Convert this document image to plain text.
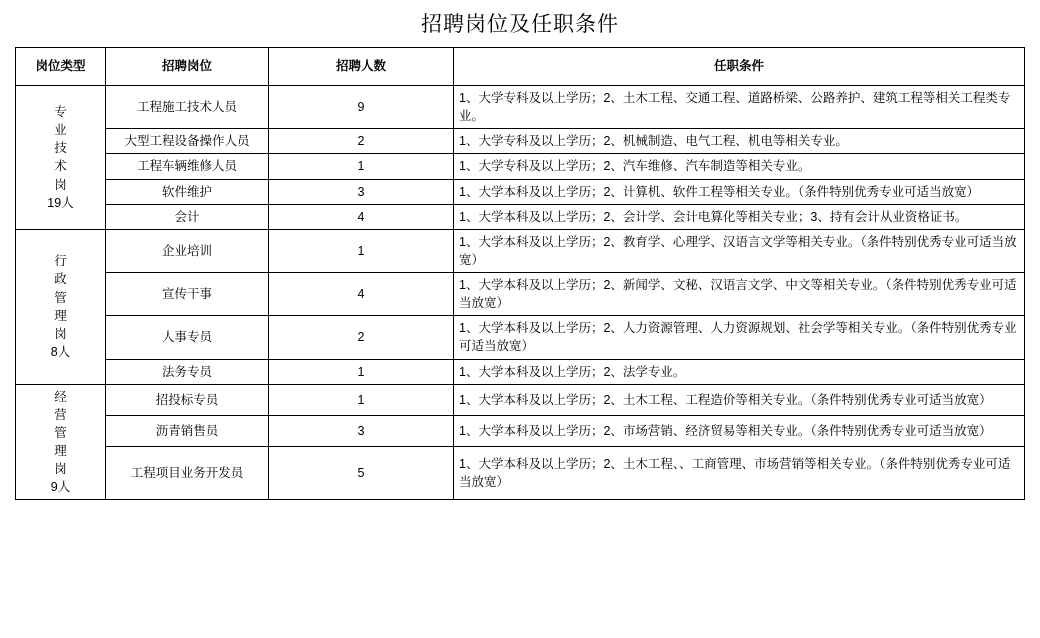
招聘岗位及任职条件
岗位类型	招聘岗位	招聘人数	任职条件

专
业
技
术
岗
19人
	工程施工技术人员	9	1、大学专科及以上学历；2、土木工程、交通工程、道路桥梁、公路养护、建筑工程等相关工程类专业。
	大型工程设备操作人员	2	1、大学专科及以上学历；2、机械制造、电气工程、机电等相关专业。
	工程车辆维修人员	1	1、大学专科及以上学历；2、汽车维修、汽车制造等相关专业。
	软件维护	3	1、大学本科及以上学历；2、计算机、软件工程等相关专业。（条件特别优秀专业可适当放宽）
	会计	4	1、大学本科及以上学历；2、会计学、会计电算化等相关专业；3、持有会计从业资格证书。

行
政
管
理
岗
8人
	企业培训	1	1、大学本科及以上学历；2、教育学、心理学、汉语言文学等相关专业。（条件特别优秀专业可适当放宽）
	宣传干事	4	1、大学本科及以上学历；2、新闻学、文秘、汉语言文学、中文等相关专业。（条件特别优秀专业可适当放宽）
	人事专员	2	1、大学本科及以上学历；2、人力资源管理、人力资源规划、社会学等相关专业。（条件特别优秀专业可适当放宽）
	法务专员	1	1、大学本科及以上学历；2、法学专业。

经
营
管
理
岗
9人
	招投标专员	1	1、大学本科及以上学历；2、土木工程、工程造价等相关专业。（条件特别优秀专业可适当放宽）
	沥青销售员	3	1、大学本科及以上学历；2、市场营销、经济贸易等相关专业。（条件特别优秀专业可适当放宽）
	工程项目业务开发员	5	1、大学本科及以上学历；2、土木工程、、工商管理、市场营销等相关专业。（条件特别优秀专业可适当放宽）
